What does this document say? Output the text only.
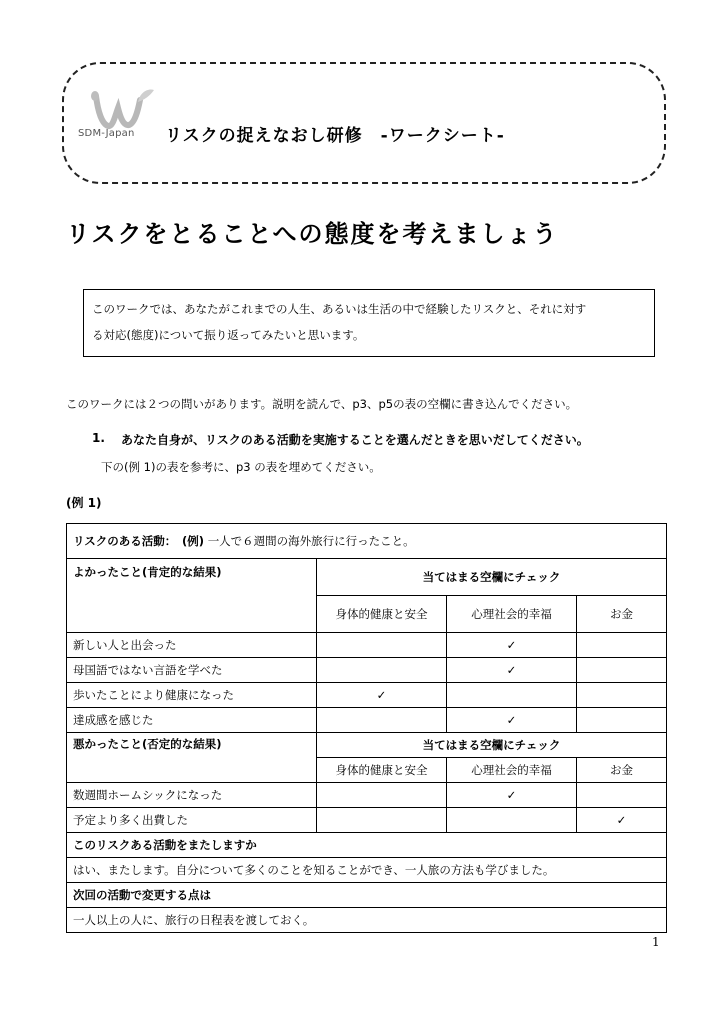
SDM-Japan リスクの捉えなおし研修　-ワークシート-
リスクをとることへの態度を考えましょう
このワークでは、あなたがこれまでの人生、あるいは生活の中で経験したリスクと、それに対す
る対応(態度)について振り返ってみたいと思います。
このワークには２つの問いがあります。説明を読んで、p3、p5の表の空欄に書き込んでください。
1. あなた自身が、リスクのある活動を実施することを選んだときを思いだしてください。
下の(例 1)の表を参考に、p3 の表を埋めてください。
(例 1)
リスクのある活動：　(例) 一人で６週間の海外旅行に行ったこと。			
よかったこと(肯定的な結果)	当てはまる空欄にチェック		
	身体的健康と安全	心理社会的幸福	お金
新しい人と出会った		✓	
母国語ではない言語を学べた		✓	
歩いたことにより健康になった	✓		
達成感を感じた		✓	
悪かったこと(否定的な結果)	当てはまる空欄にチェック		
	身体的健康と安全	心理社会的幸福	お金
数週間ホームシックになった		✓	
予定より多く出費した			✓
このリスクある活動をまたしますか			
はい、またします。自分について多くのことを知ることができ、一人旅の方法も学びました。			
次回の活動で変更する点は			
一人以上の人に、旅行の日程表を渡しておく。			
1
